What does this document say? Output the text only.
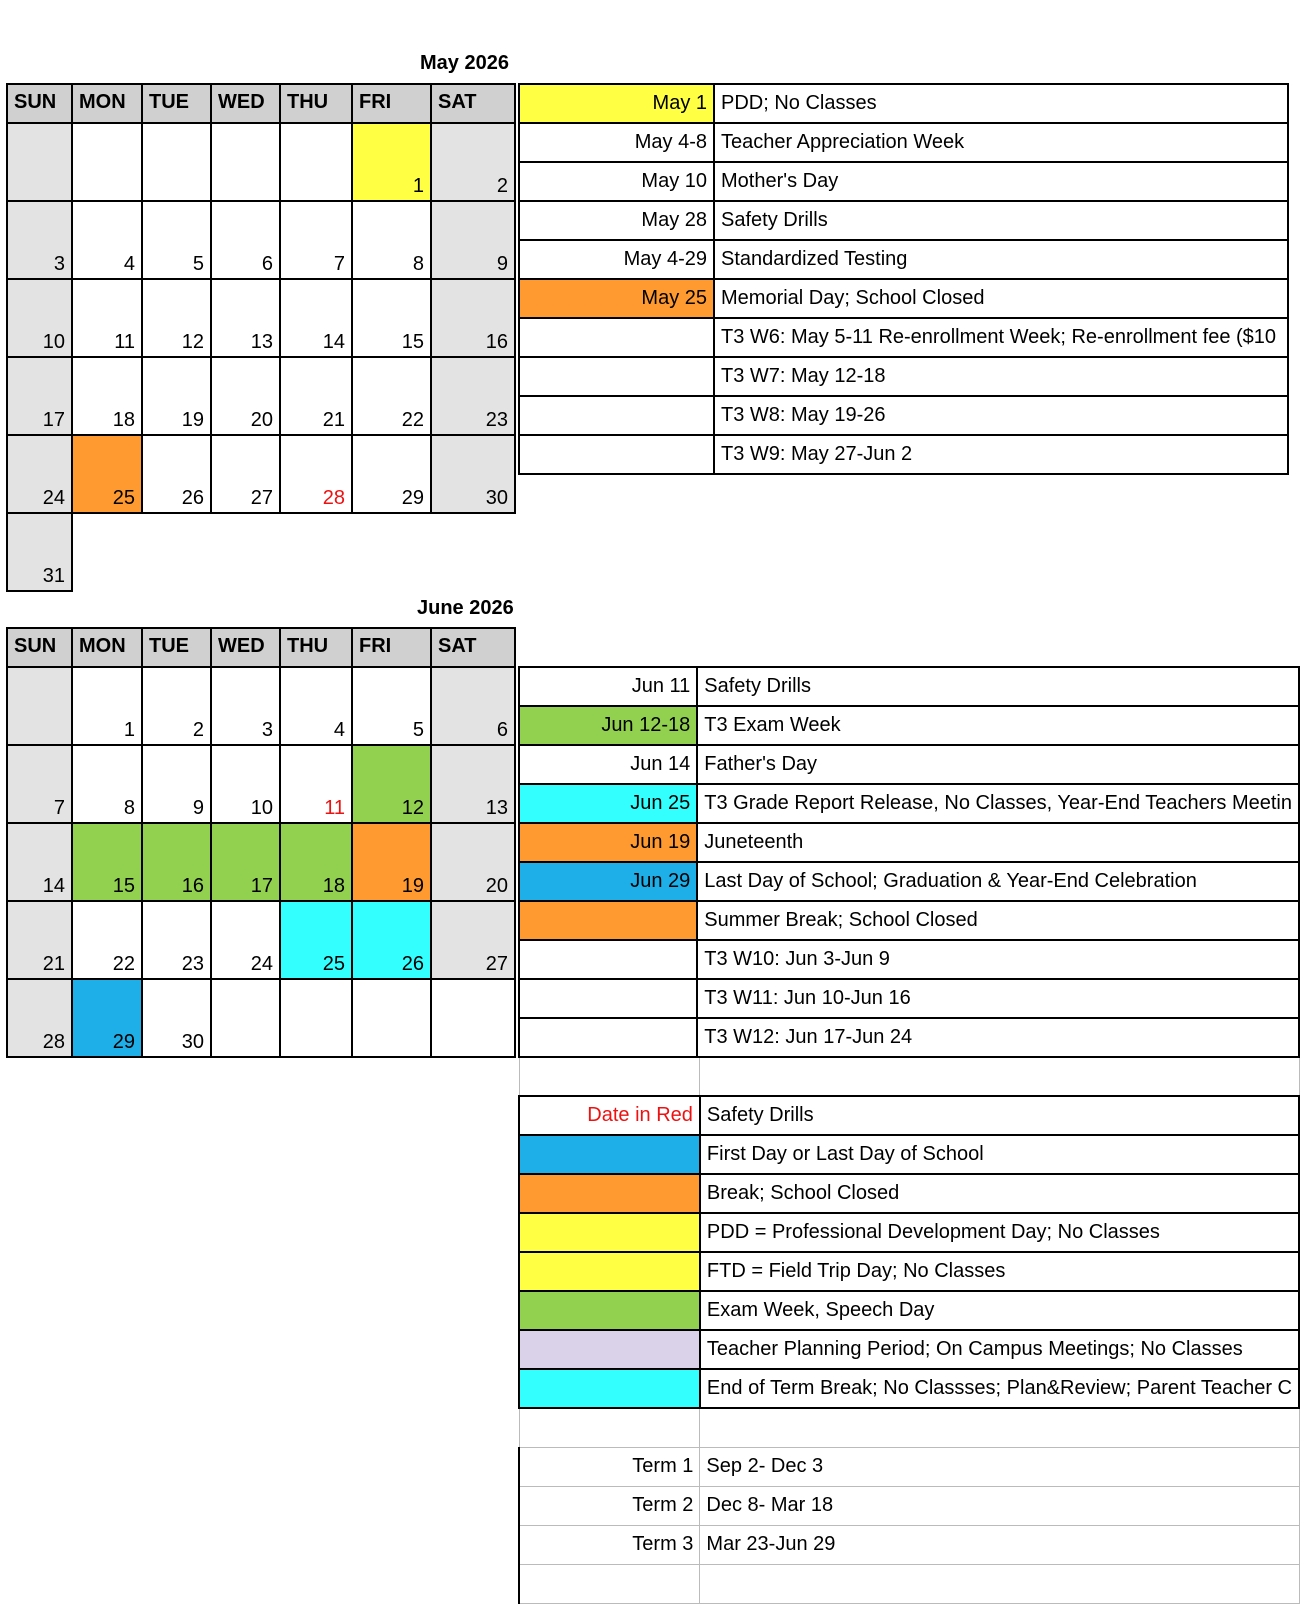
May 2026
SUN	MON	TUE	WED	THU	FRI	SAT
					1	2
3	4	5	6	7	8	9
10	11	12	13	14	15	16
17	18	19	20	21	22	23
24	25	26	27	28	29	30
31						
May 1	PDD; No Classes
May 4-8	Teacher Appreciation Week
May 10	Mother's Day
May 28	Safety Drills
May 4-29	Standardized Testing
May 25	Memorial Day; School Closed
	T3 W6: May 5-11 Re-enrollment Week; Re-enrollment fee ($10
	T3 W7: May 12-18
	T3 W8: May 19-26
	T3 W9: May 27-Jun 2
June 2026
SUN	MON	TUE	WED	THU	FRI	SAT
	1	2	3	4	5	6
7	8	9	10	11	12	13
14	15	16	17	18	19	20
21	22	23	24	25	26	27
28	29	30				
Jun 11	Safety Drills
Jun 12-18	T3 Exam Week
Jun 14	Father's Day
Jun 25	T3 Grade Report Release, No Classes, Year-End Teachers Meetin
Jun 19	Juneteenth
Jun 29	Last Day of School; Graduation & Year-End Celebration
	Summer Break; School Closed
	T3 W10: Jun 3-Jun 9
	T3 W11: Jun 10-Jun 16
	T3 W12: Jun 17-Jun 24

Date in Red	Safety Drills
	First Day or Last Day of School
	Break; School Closed
	PDD = Professional Development Day; No Classes
	FTD = Field Trip Day; No Classes
	Exam Week, Speech Day
	Teacher Planning Period; On Campus Meetings; No Classes
	End of Term Break; No Classses; Plan&Review; Parent Teacher C

Term 1	Sep 2- Dec 3
Term 2	Dec 8- Mar 18
Term 3	Mar 23-Jun 29
